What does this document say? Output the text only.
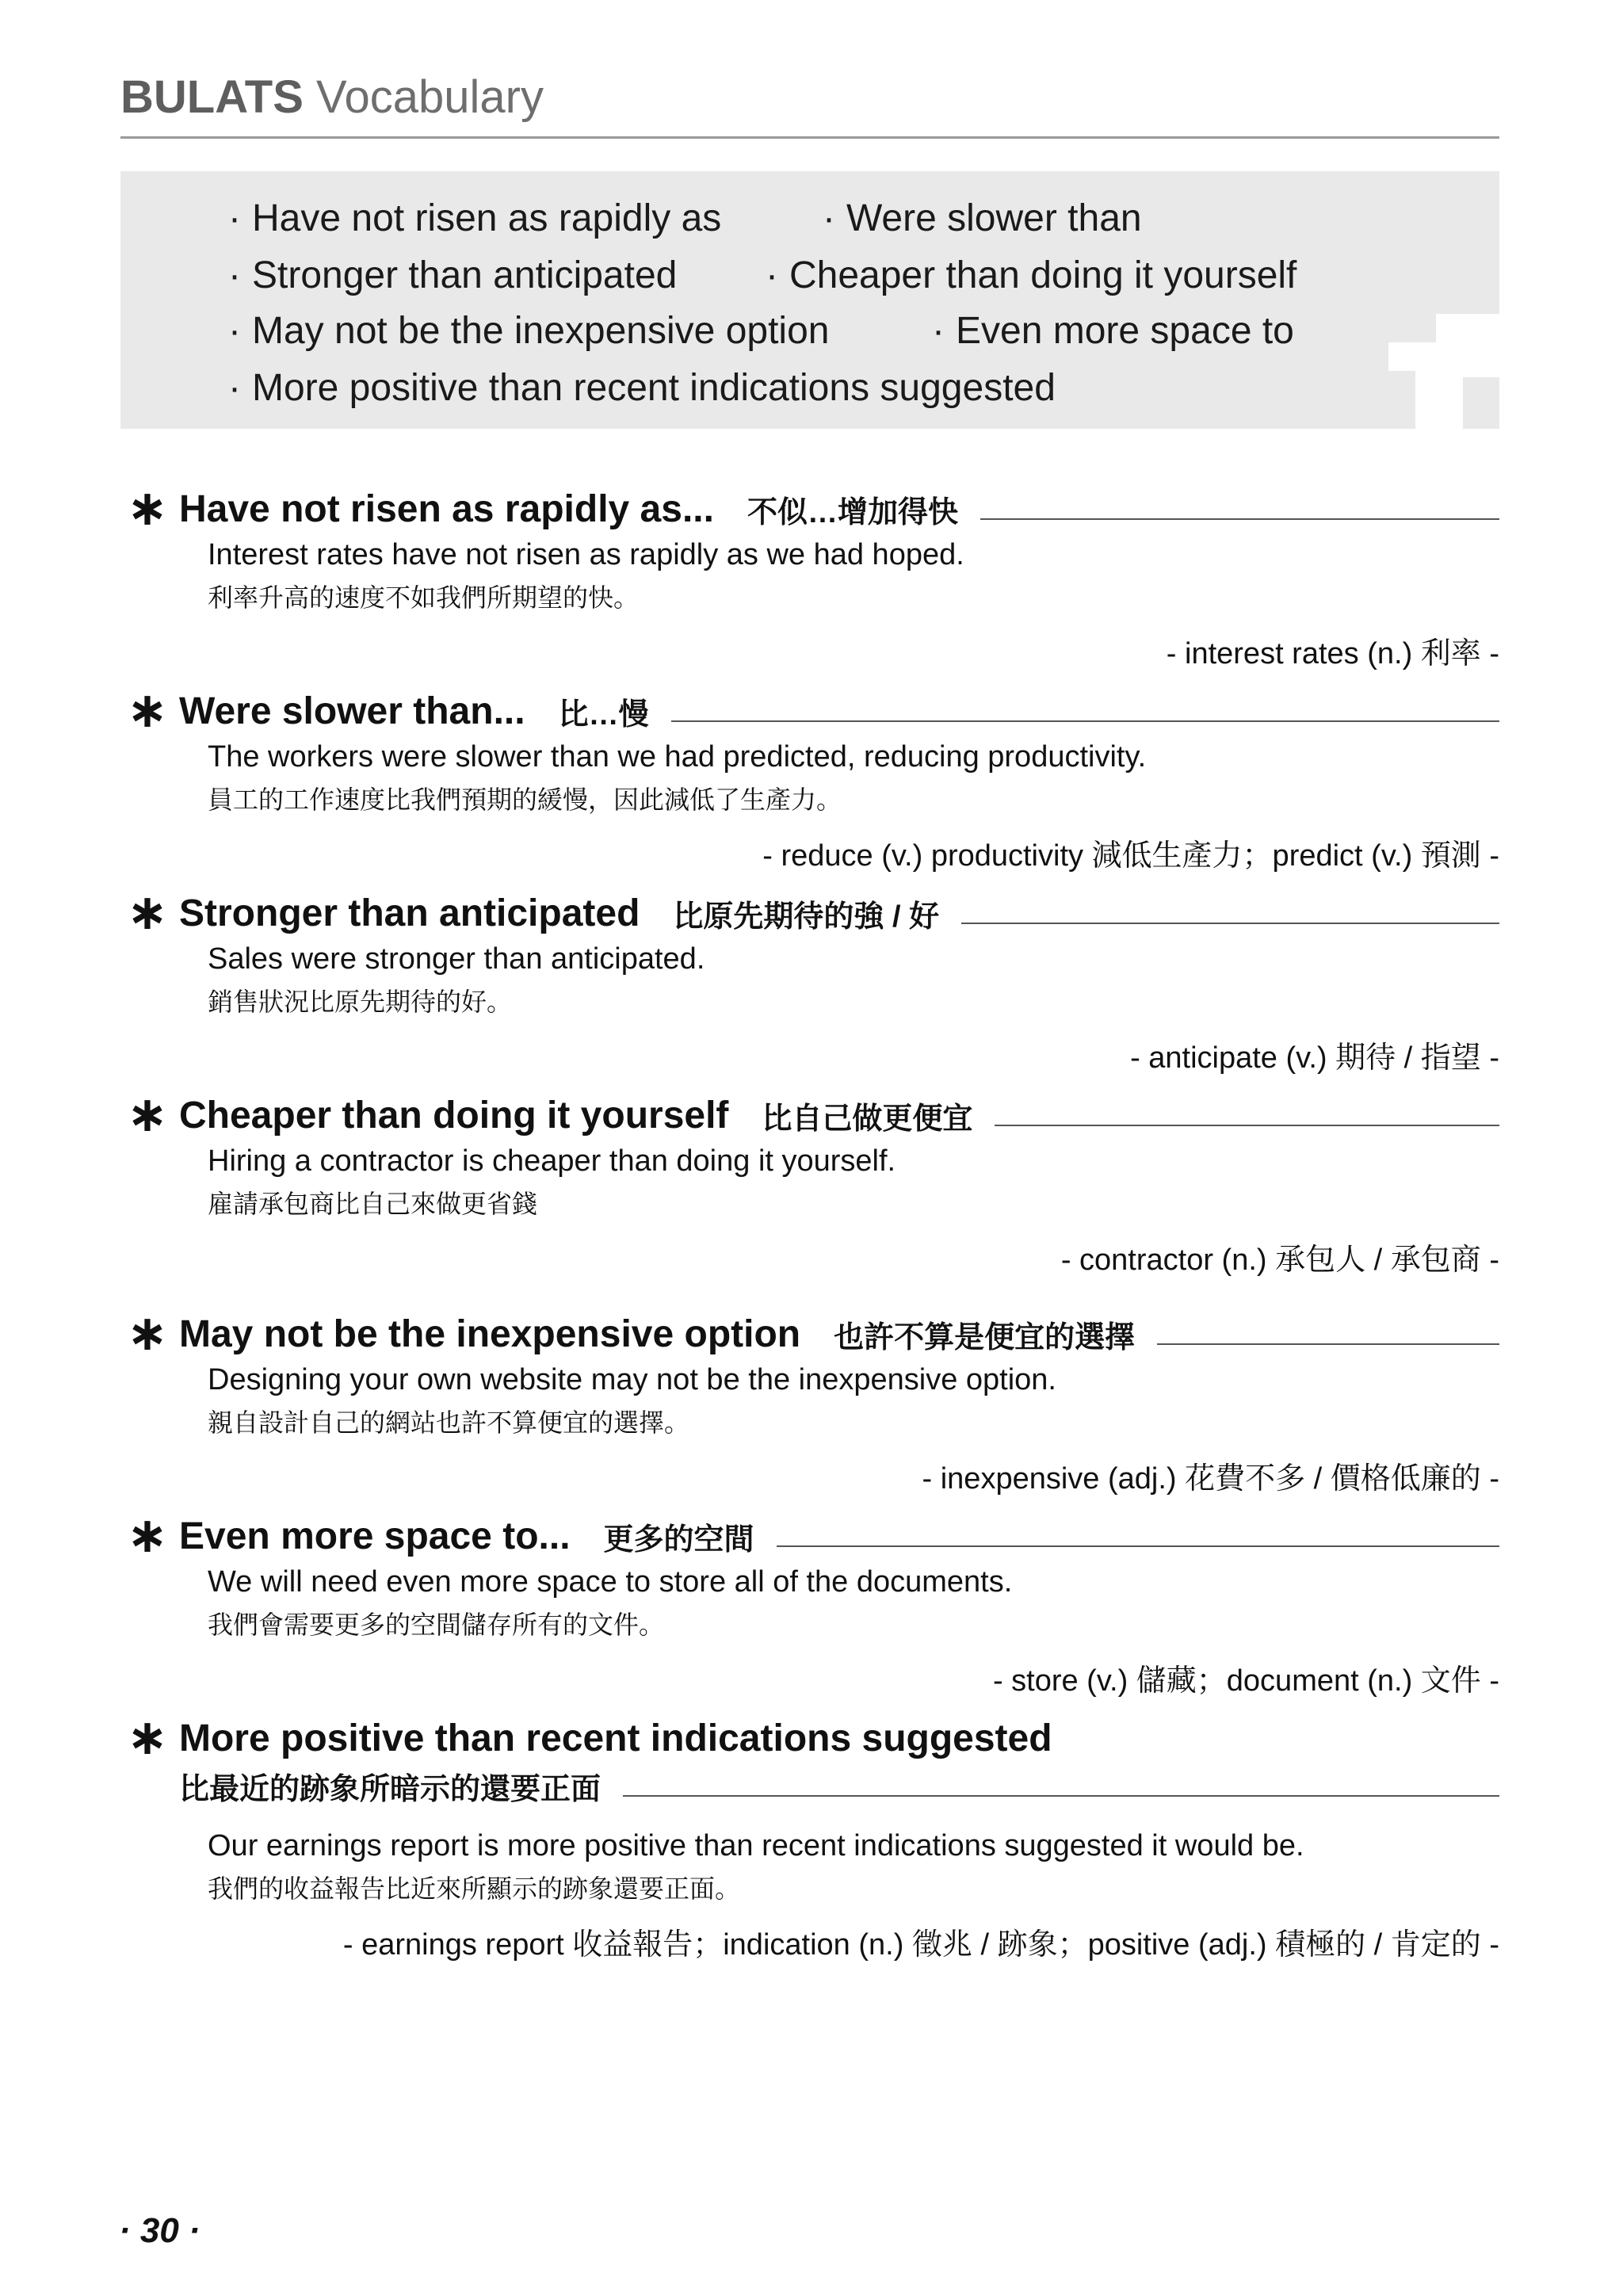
BULATS Vocabulary
· Have not risen as rapidly as	· Were slower than
· Stronger than anticipated · Cheaper than doing it yourself
· May not be the inexpensive option	· Even more space to
· More positive than recent indications suggested
∗ Have not risen as rapidly as... 不似…增加得快
Interest rates have not risen as rapidly as we had hoped.
利率升高的速度不如我們所期望的快。
- interest rates (n.) 利率 -
∗ Were slower than... 比…慢
The workers were slower than we had predicted, reducing productivity.
員工的工作速度比我們預期的緩慢，因此減低了生產力。
- reduce (v.) productivity 減低生產力；predict (v.) 預測 -
∗ Stronger than anticipated 比原先期待的強 / 好
Sales were stronger than anticipated.
銷售狀況比原先期待的好。
- anticipate (v.) 期待 / 指望 -
∗ Cheaper than doing it yourself 比自己做更便宜
Hiring a contractor is cheaper than doing it yourself.
雇請承包商比自己來做更省錢
- contractor (n.) 承包人 / 承包商 -
∗ May not be the inexpensive option 也許不算是便宜的選擇
Designing your own website may not be the inexpensive option.
親自設計自己的網站也許不算便宜的選擇。
- inexpensive (adj.) 花費不多 / 價格低廉的 -
∗ Even more space to... 更多的空間
We will need even more space to store all of the documents.
我們會需要更多的空間儲存所有的文件。
- store (v.) 儲藏；document (n.) 文件 -
∗ More positive than recent indications suggested
比最近的跡象所暗示的還要正面
Our earnings report is more positive than recent indications suggested it would be.
我們的收益報告比近來所顯示的跡象還要正面。
- earnings report 收益報告；indication (n.) 徵兆 / 跡象；positive (adj.) 積極的 / 肯定的 -
· 30 ·
